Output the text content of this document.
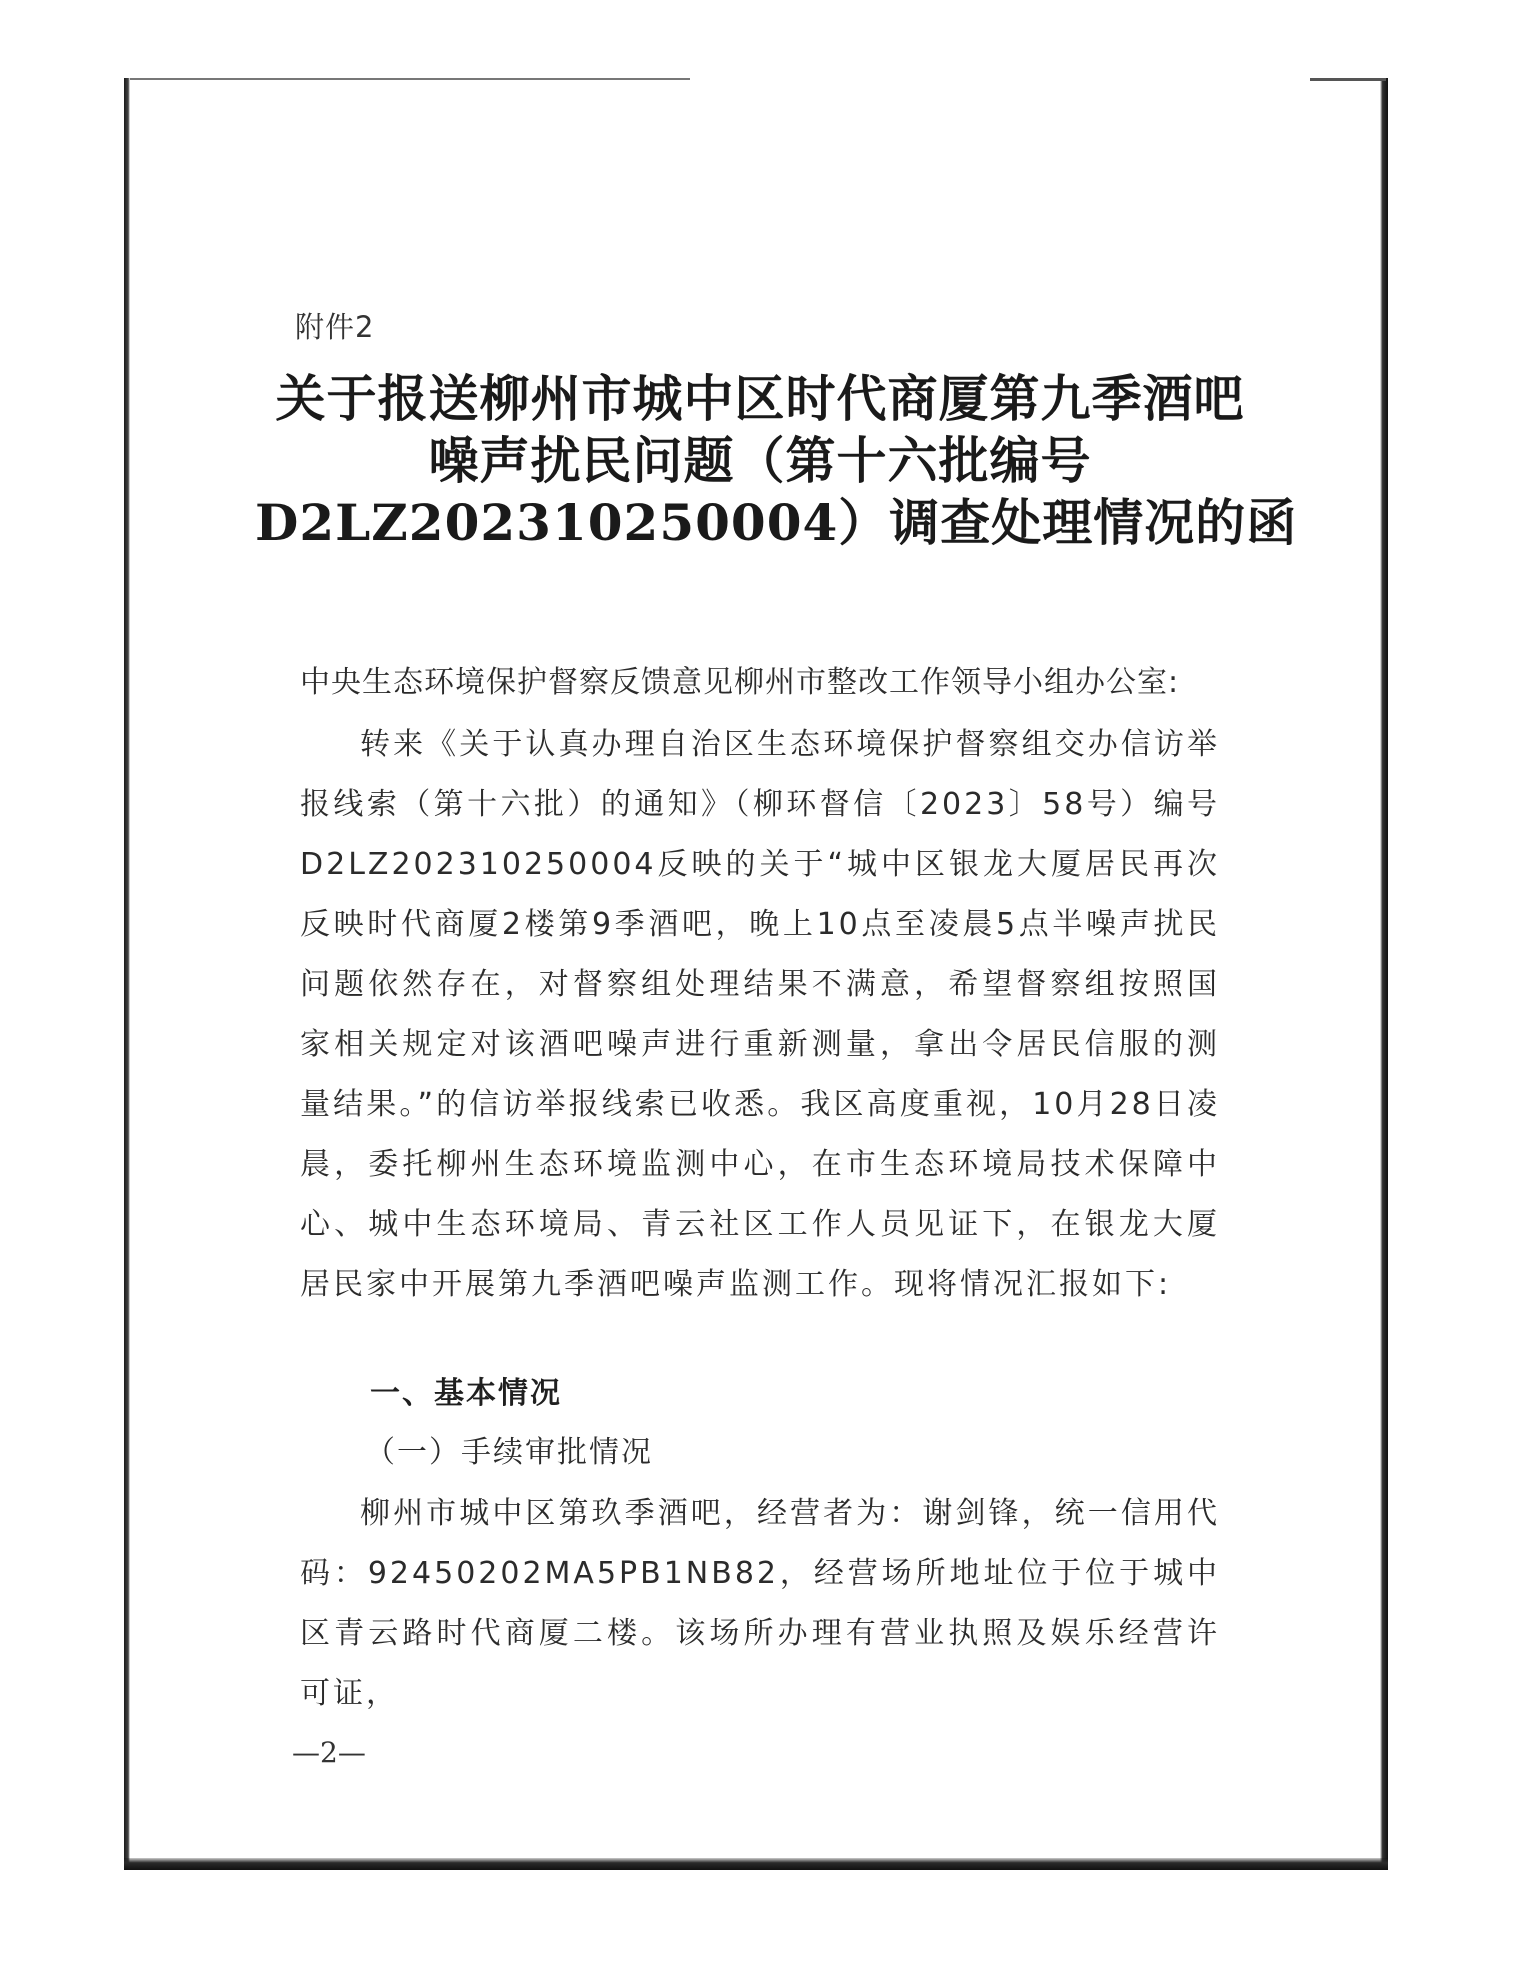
附件2
关于报送柳州市城中区时代商厦第九季酒吧
噪声扰民问题（第十六批编号
D2LZ202310250004）调查处理情况的函
中央生态环境保护督察反馈意见柳州市整改工作领导小组办公室:
转来《关于认真办理自治区生态环境保护督察组交办信访举报线索（第十六批）的通知》（柳环督信〔2023〕58号）编号D2LZ202310250004反映的关于“城中区银龙大厦居民再次反映时代商厦2楼第9季酒吧，晚上10点至凌晨5点半噪声扰民问题依然存在，对督察组处理结果不满意，希望督察组按照国家相关规定对该酒吧噪声进行重新测量，拿出令居民信服的测量结果。”的信访举报线索已收悉。我区高度重视，10月28日凌晨，委托柳州生态环境监测中心，在市生态环境局技术保障中心、城中生态环境局、青云社区工作人员见证下，在银龙大厦居民家中开展第九季酒吧噪声监测工作。现将情况汇报如下:
一、基本情况
（一）手续审批情况
柳州市城中区第玖季酒吧，经营者为：谢剑锋，统一信用代码：92450202MA5PB1NB82，经营场所地址位于位于城中区青云路时代商厦二楼。该场所办理有营业执照及娱乐经营许可证，
—2—
